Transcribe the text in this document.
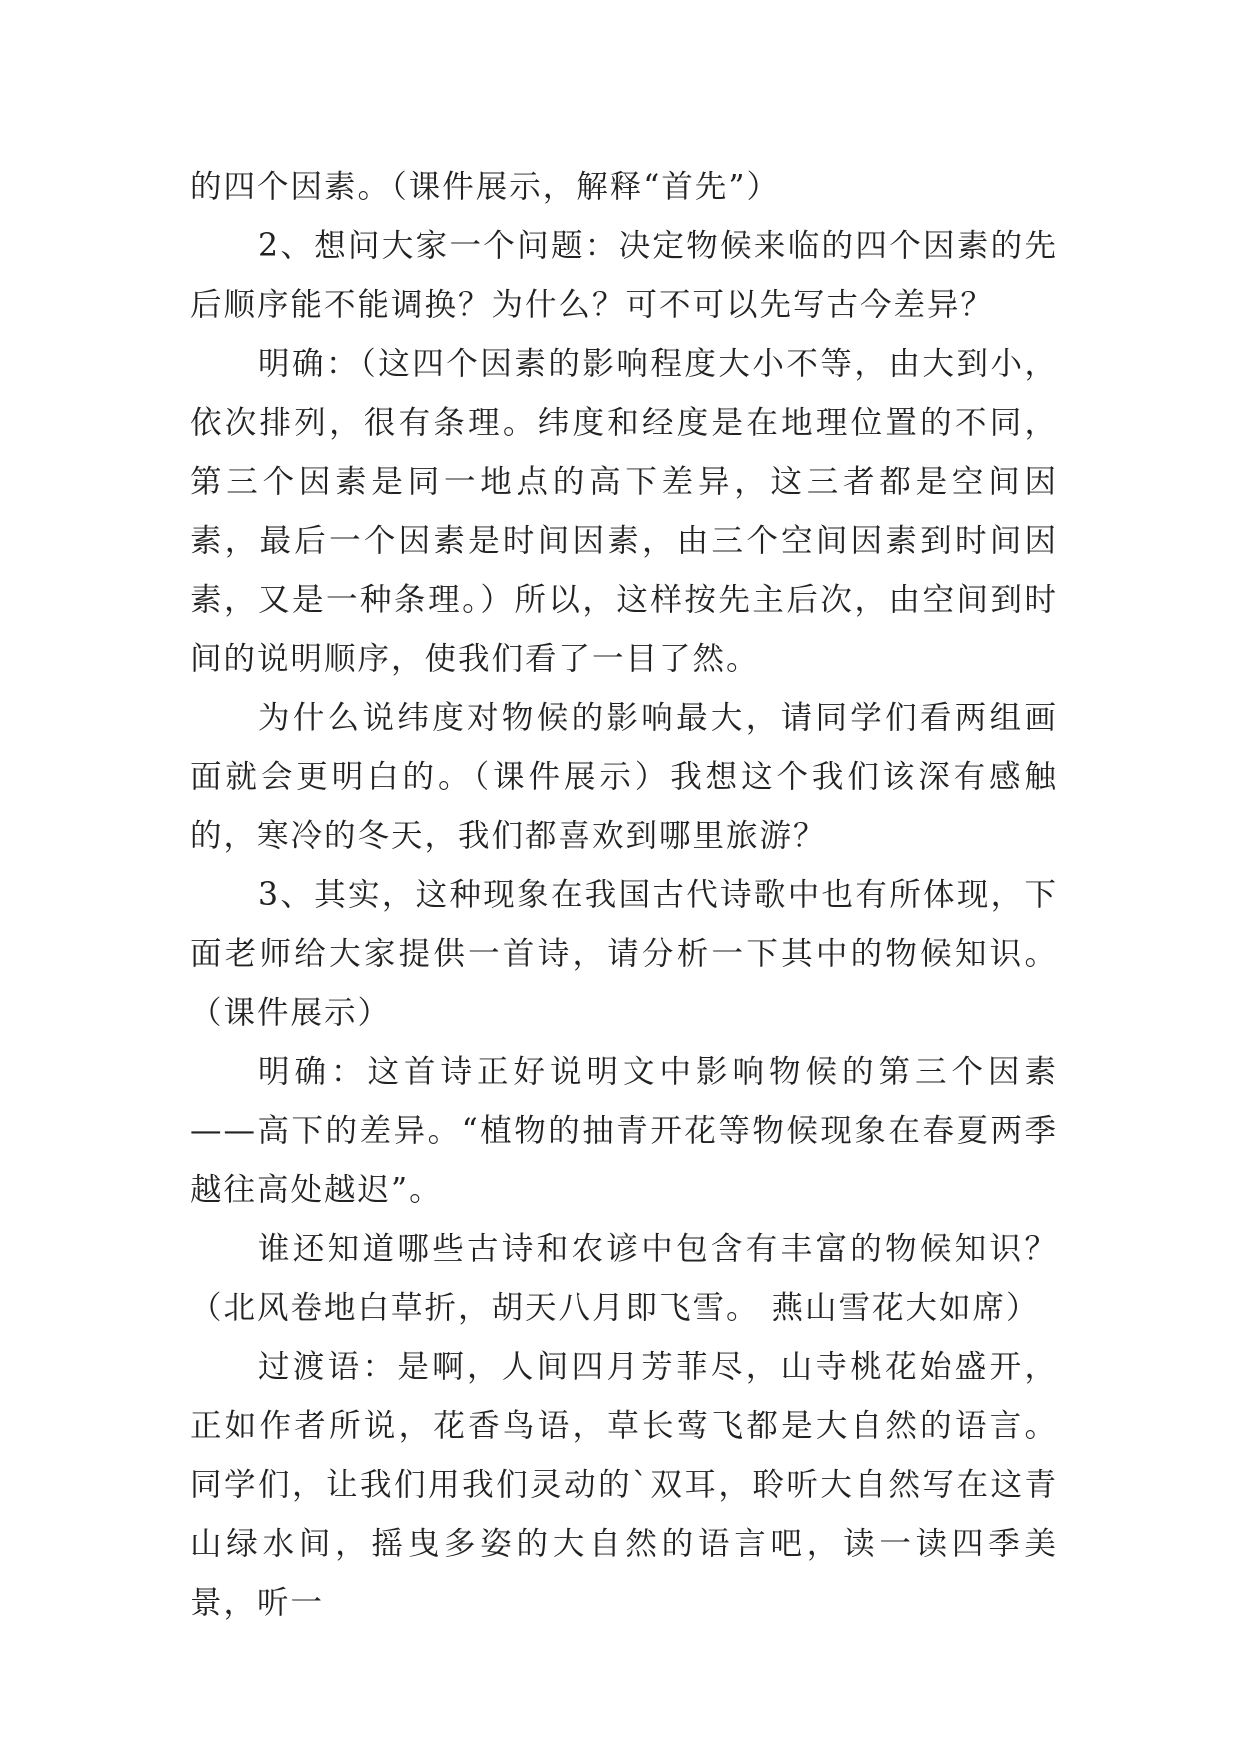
的四个因素。（课件展示，解释“首先”）

2、想问大家一个问题：决定物候来临的四个因素的先后顺序能不能调换？为什么？可不可以先写古今差异？

明确：（这四个因素的影响程度大小不等，由大到小，依次排列，很有条理。纬度和经度是在地理位置的不同，第三个因素是同一地点的高下差异，这三者都是空间因素，最后一个因素是时间因素，由三个空间因素到时间因素，又是一种条理。）所以，这样按先主后次，由空间到时间的说明顺序，使我们看了一目了然。

为什么说纬度对物候的影响最大，请同学们看两组画面就会更明白的。（课件展示）我想这个我们该深有感触的，寒冷的冬天，我们都喜欢到哪里旅游？

3、其实，这种现象在我国古代诗歌中也有所体现，下面老师给大家提供一首诗，请分析一下其中的物候知识。（课件展示）

明确：这首诗正好说明文中影响物候的第三个因素——高下的差异。“植物的抽青开花等物候现象在春夏两季越往高处越迟”。

谁还知道哪些古诗和农谚中包含有丰富的物候知识？（北风卷地白草折，胡天八月即飞雪。 燕山雪花大如席）

过渡语：是啊，人间四月芳菲尽，山寺桃花始盛开，正如作者所说，花香鸟语，草长莺飞都是大自然的语言。同学们，让我们用我们灵动的`双耳，聆听大自然写在这青山绿水间，摇曳多姿的大自然的语言吧，读一读四季美景，听一
